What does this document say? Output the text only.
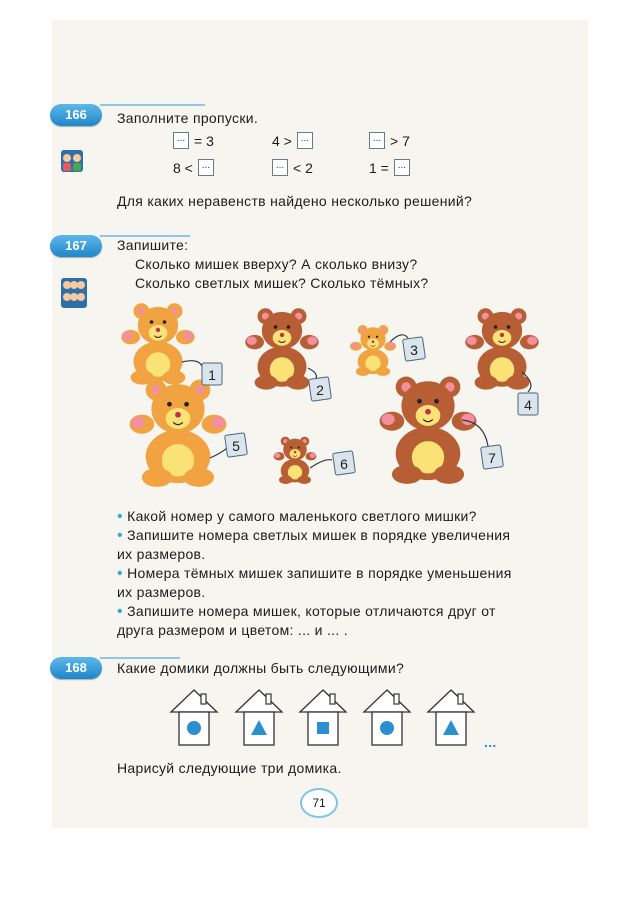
166	Заполните пропуски.
... = 3	4 > ...	... > 7
8 < ...	... < 2	1 = ...
Для каких неравенств найдено несколько решений?
167	Запишите:
Сколько мишек вверху? А сколько внизу?
Сколько светлых мишек? Сколько тёмных?
1
2
3
4
5
6	7
• Какой номер у самого маленького светлого мишки?
• Запишите номера светлых мишек в порядке увеличения
их размеров.
• Номера тёмных мишек запишите в порядке уменьшения
их размеров.
• Запишите номера мишек, которые отличаются друг от
друга размером и цветом: ... и ... .
168	Какие домики должны быть следующими?
...
Нарисуй следующие три домика.
71
